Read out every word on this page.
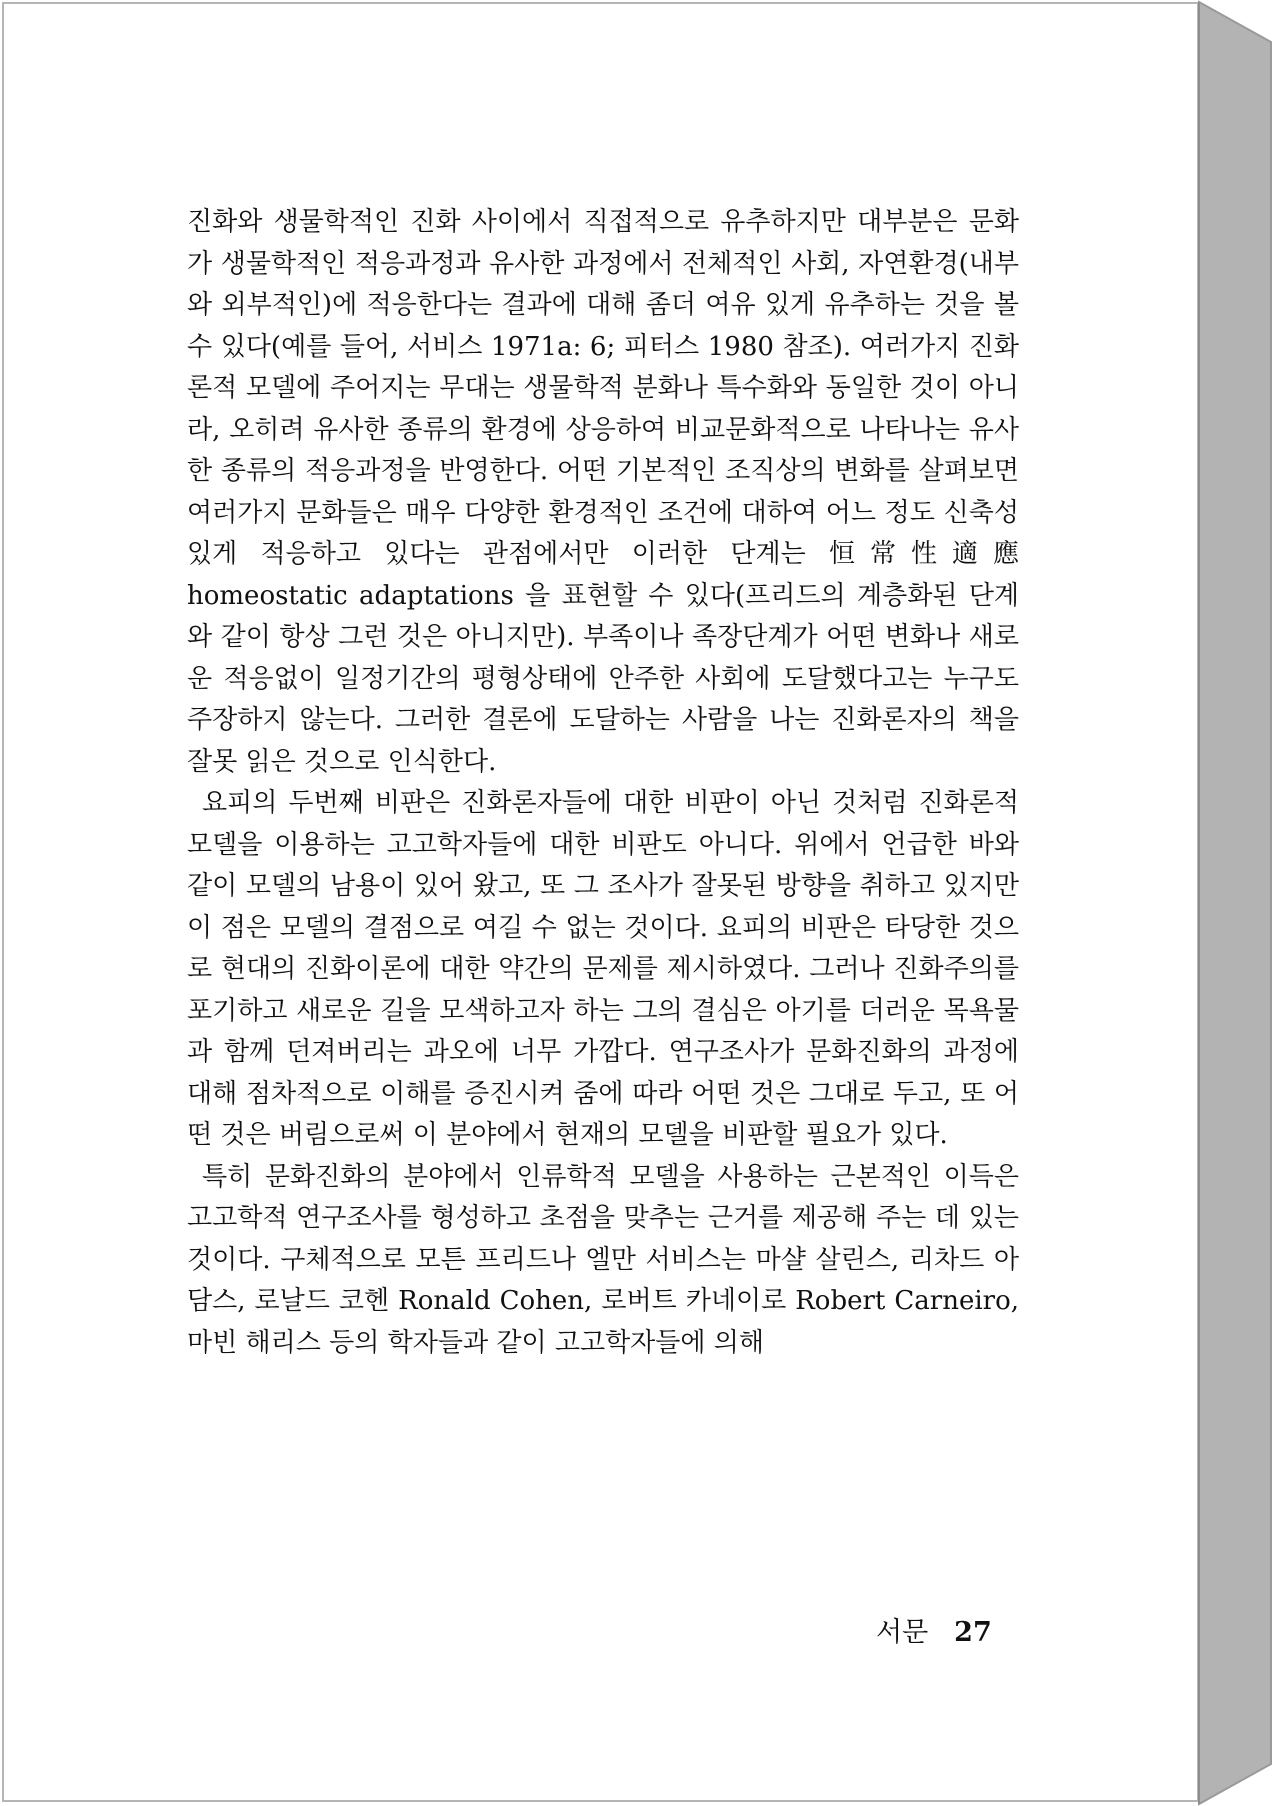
진화와 생물학적인 진화 사이에서 직접적으로 유추하지만 대부분은 문화가 생물학적인 적응과정과 유사한 과정에서 전체적인 사회, 자연환경(내부와 외부적인)에 적응한다는 결과에 대해 좀더 여유 있게 유추하는 것을 볼 수 있다(예를 들어, 서비스 1971a: 6; 피터스 1980 참조). 여러가지 진화론적 모델에 주어지는 무대는 생물학적 분화나 특수화와 동일한 것이 아니라, 오히려 유사한 종류의 환경에 상응하여 비교문화적으로 나타나는 유사한 종류의 적응과정을 반영한다. 어떤 기본적인 조직상의 변화를 살펴보면 여러가지 문화들은 매우 다양한 환경적인 조건에 대하여 어느 정도 신축성 있게 적응하고 있다는 관점에서만 이러한 단계는 恒常性適應 homeostatic adaptations 을 표현할 수 있다(프리드의 계층화된 단계와 같이 항상 그런 것은 아니지만). 부족이나 족장단계가 어떤 변화나 새로운 적응없이 일정기간의 평형상태에 안주한 사회에 도달했다고는 누구도 주장하지 않는다. 그러한 결론에 도달하는 사람을 나는 진화론자의 책을 잘못 읽은 것으로 인식한다.

요피의 두번째 비판은 진화론자들에 대한 비판이 아닌 것처럼 진화론적 모델을 이용하는 고고학자들에 대한 비판도 아니다. 위에서 언급한 바와 같이 모델의 남용이 있어 왔고, 또 그 조사가 잘못된 방향을 취하고 있지만 이 점은 모델의 결점으로 여길 수 없는 것이다. 요피의 비판은 타당한 것으로 현대의 진화이론에 대한 약간의 문제를 제시하였다. 그러나 진화주의를 포기하고 새로운 길을 모색하고자 하는 그의 결심은 아기를 더러운 목욕물과 함께 던져버리는 과오에 너무 가깝다. 연구조사가 문화진화의 과정에 대해 점차적으로 이해를 증진시켜 줌에 따라 어떤 것은 그대로 두고, 또 어떤 것은 버림으로써 이 분야에서 현재의 모델을 비판할 필요가 있다.

특히 문화진화의 분야에서 인류학적 모델을 사용하는 근본적인 이득은 고고학적 연구조사를 형성하고 초점을 맞추는 근거를 제공해 주는 데 있는 것이다. 구체적으로 모튼 프리드나 엘만 서비스는 마샬 살린스, 리차드 아담스, 로날드 코헨 Ronald Cohen, 로버트 카네이로 Robert Carneiro, 마빈 해리스 등의 학자들과 같이 고고학자들에 의해

서문 27
